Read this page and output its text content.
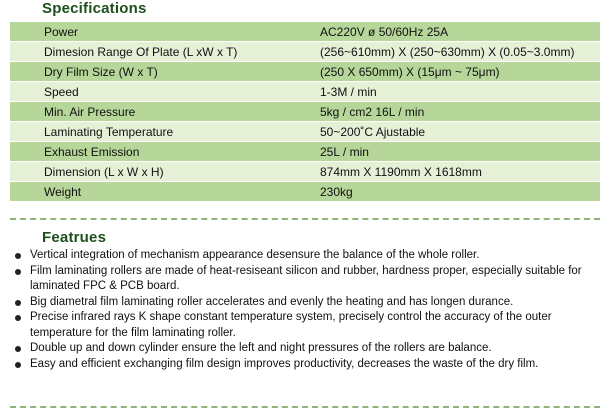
Specifications
Power	AC220V ø 50/60Hz 25A
Dimesion Range Of Plate (L xW x T)	(256~610mm) X (250~630mm) X (0.05~3.0mm)
Dry Film Size (W x T)	(250 X 650mm) X (15μm ~ 75μm)
Speed	1-3M / min
Min. Air Pressure	5kg / cm2 16L / min
Laminating Temperature	50~200˚C Ajustable
Exhaust Emission	25L / min
Dimension (L x W x H)	874mm X 1190mm X 1618mm
Weight	230kg
Featrues
Vertical integration of mechanism appearance desensure the balance of the whole roller.
Film laminating rollers are made of heat-resiseant silicon and rubber, hardness proper, especially suitable for laminated FPC & PCB board.
Big diametral film laminating roller accelerates and evenly the heating and has longen durance.
Precise infrared rays K shape constant temperature system, precisely control the accuracy of the outer temperature for the film laminating roller.
Double up and down cylinder ensure the left and night pressures of the rollers are balance.
Easy and efficient exchanging film design improves productivity, decreases the waste of the dry film.
